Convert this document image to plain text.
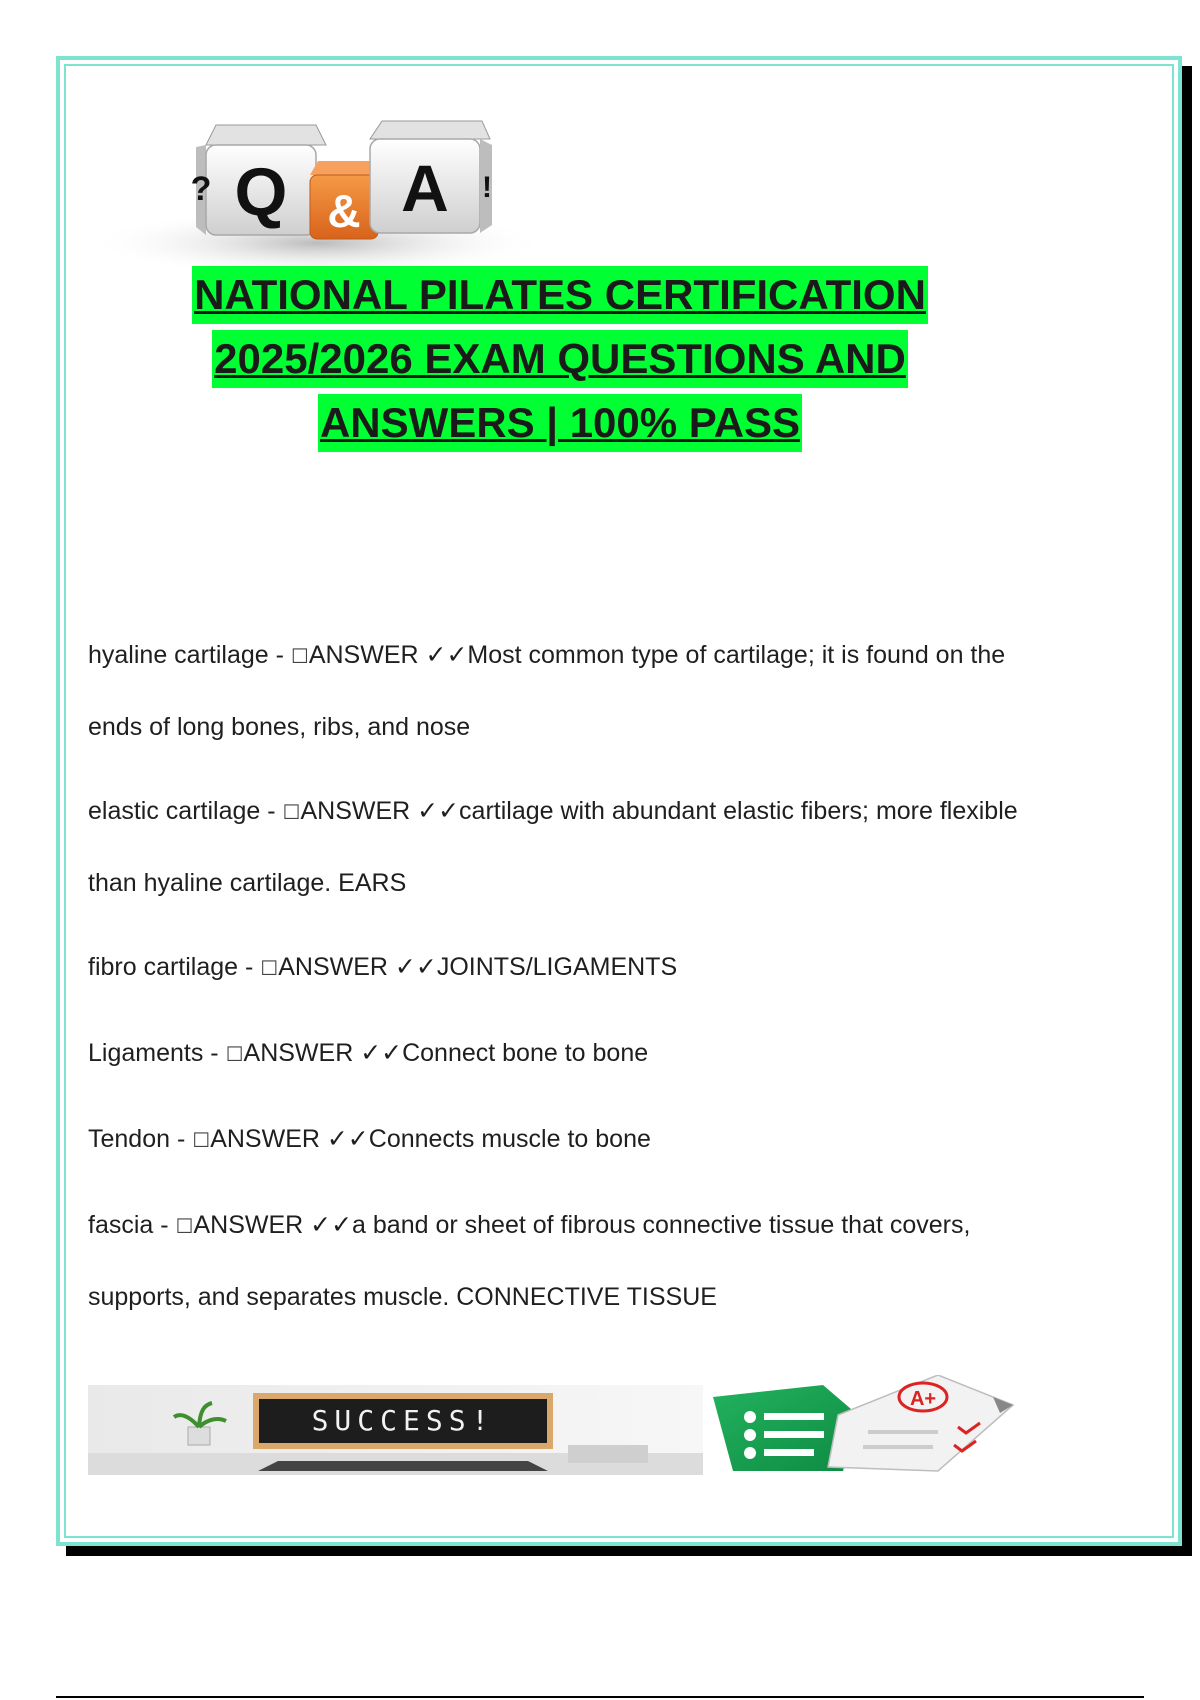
Q
?	& A !
NATIONAL PILATES CERTIFICATION
2025/2026 EXAM QUESTIONS AND
ANSWERS | 100% PASS
hyaline cartilage - ☐ANSWER ✓✓Most common type of cartilage; it is found on the ends of long bones, ribs, and nose
elastic cartilage - ☐ANSWER ✓✓cartilage with abundant elastic fibers; more flexible than hyaline cartilage. EARS
fibro cartilage - ☐ANSWER ✓✓JOINTS/LIGAMENTS
Ligaments - ☐ANSWER ✓✓Connect bone to bone
Tendon - ☐ANSWER ✓✓Connects muscle to bone
fascia - ☐ANSWER ✓✓a band or sheet of fibrous connective tissue that covers, supports, and separates muscle. CONNECTIVE TISSUE
SUCCESS!
A+
